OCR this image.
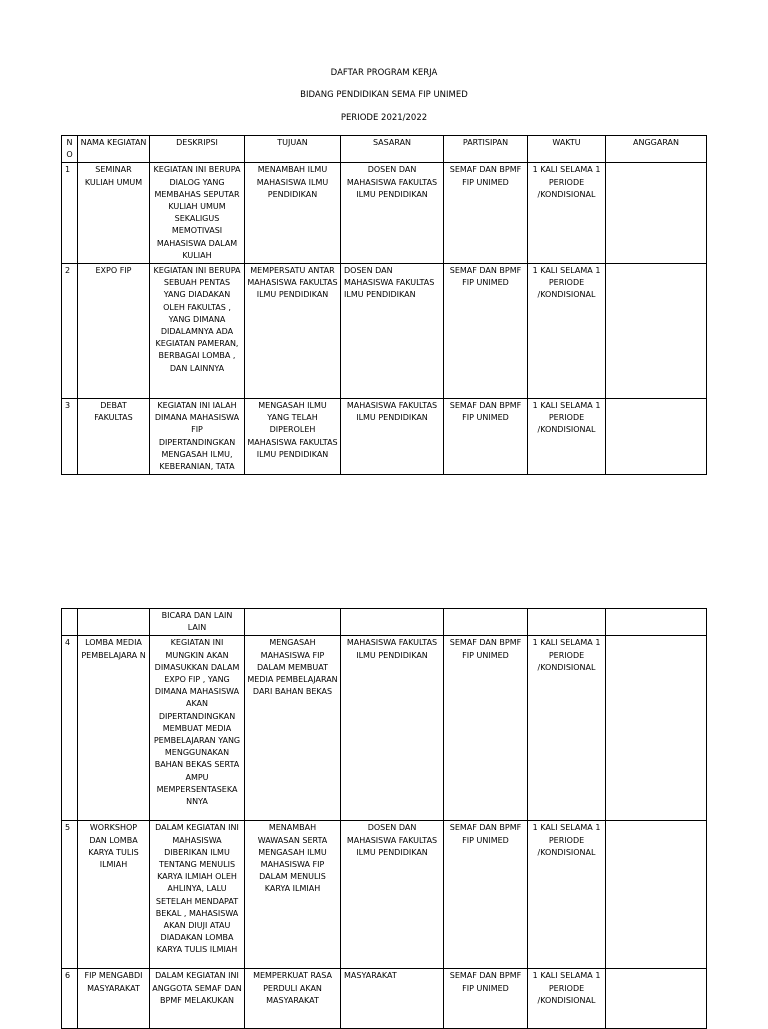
DAFTAR PROGRAM KERJA
BIDANG PENDIDIKAN SEMA FIP UNIMED
PERIODE 2021/2022
N O	NAMA KEGIATAN	DESKRIPSI	TUJUAN	SASARAN	PARTISIPAN	WAKTU	ANGGARAN
1	SEMINAR KULIAH UMUM	KEGIATAN INI BERUPA DIALOG YANG MEMBAHAS SEPUTAR KULIAH UMUM SEKALIGUS MEMOTIVASI MAHASISWA DALAM KULIAH	MENAMBAH ILMU MAHASISWA ILMU PENDIDIKAN	DOSEN DAN MAHASISWA FAKULTAS ILMU PENDIDIKAN	SEMAF DAN BPMF FIP UNIMED	1 KALI SELAMA 1 PERIODE /KONDISIONAL	
2	EXPO FIP	KEGIATAN INI BERUPA SEBUAH PENTAS YANG DIADAKAN OLEH FAKULTAS , YANG DIMANA DIDALAMNYA ADA KEGIATAN PAMERAN, BERBAGAI LOMBA , DAN LAINNYA	MEMPERSATU ANTAR MAHASISWA FAKULTAS ILMU PENDIDIKAN	DOSEN DAN MAHASISWA FAKULTAS ILMU PENDIDIKAN	SEMAF DAN BPMF FIP UNIMED	1 KALI SELAMA 1 PERIODE /KONDISIONAL	
3	DEBAT FAKULTAS	KEGIATAN INI IALAH DIMANA MAHASISWA FIP DIPERTANDINGKAN MENGASAH ILMU, KEBERANIAN, TATA	MENGASAH ILMU YANG TELAH DIPEROLEH MAHASISWA FAKULTAS ILMU PENDIDIKAN	MAHASISWA FAKULTAS ILMU PENDIDIKAN	SEMAF DAN BPMF FIP UNIMED	1 KALI SELAMA 1 PERIODE /KONDISIONAL	
		BICARA DAN LAIN LAIN					
4	LOMBA MEDIA PEMBELAJARA N	KEGIATAN INI MUNGKIN AKAN DIMASUKKAN DALAM EXPO FIP , YANG DIMANA MAHASISWA AKAN DIPERTANDINGKAN MEMBUAT MEDIA PEMBELAJARAN YANG MENGGUNAKAN BAHAN BEKAS SERTA AMPU MEMPERSENTASEKA NNYA	MENGASAH MAHASISWA FIP DALAM MEMBUAT MEDIA PEMBELAJARAN DARI BAHAN BEKAS	MAHASISWA FAKULTAS ILMU PENDIDIKAN	SEMAF DAN BPMF FIP UNIMED	1 KALI SELAMA 1 PERIODE /KONDISIONAL	
5	WORKSHOP DAN LOMBA KARYA TULIS ILMIAH	DALAM KEGIATAN INI MAHASISWA DIBERIKAN ILMU TENTANG MENULIS KARYA ILMIAH OLEH AHLINYA, LALU SETELAH MENDAPAT BEKAL , MAHASISWA AKAN DIUJI ATAU DIADAKAN LOMBA KARYA TULIS ILMIAH	MENAMBAH WAWASAN SERTA MENGASAH ILMU MAHASISWA FIP DALAM MENULIS KARYA ILMIAH	DOSEN DAN MAHASISWA FAKULTAS ILMU PENDIDIKAN	SEMAF DAN BPMF FIP UNIMED	1 KALI SELAMA 1 PERIODE /KONDISIONAL	
6	FIP MENGABDI MASYARAKAT	DALAM KEGIATAN INI ANGGOTA SEMAF DAN BPMF MELAKUKAN	MEMPERKUAT RASA PERDULI AKAN MASYARAKAT	MASYARAKAT	SEMAF DAN BPMF FIP UNIMED	1 KALI SELAMA 1 PERIODE /KONDISIONAL	
